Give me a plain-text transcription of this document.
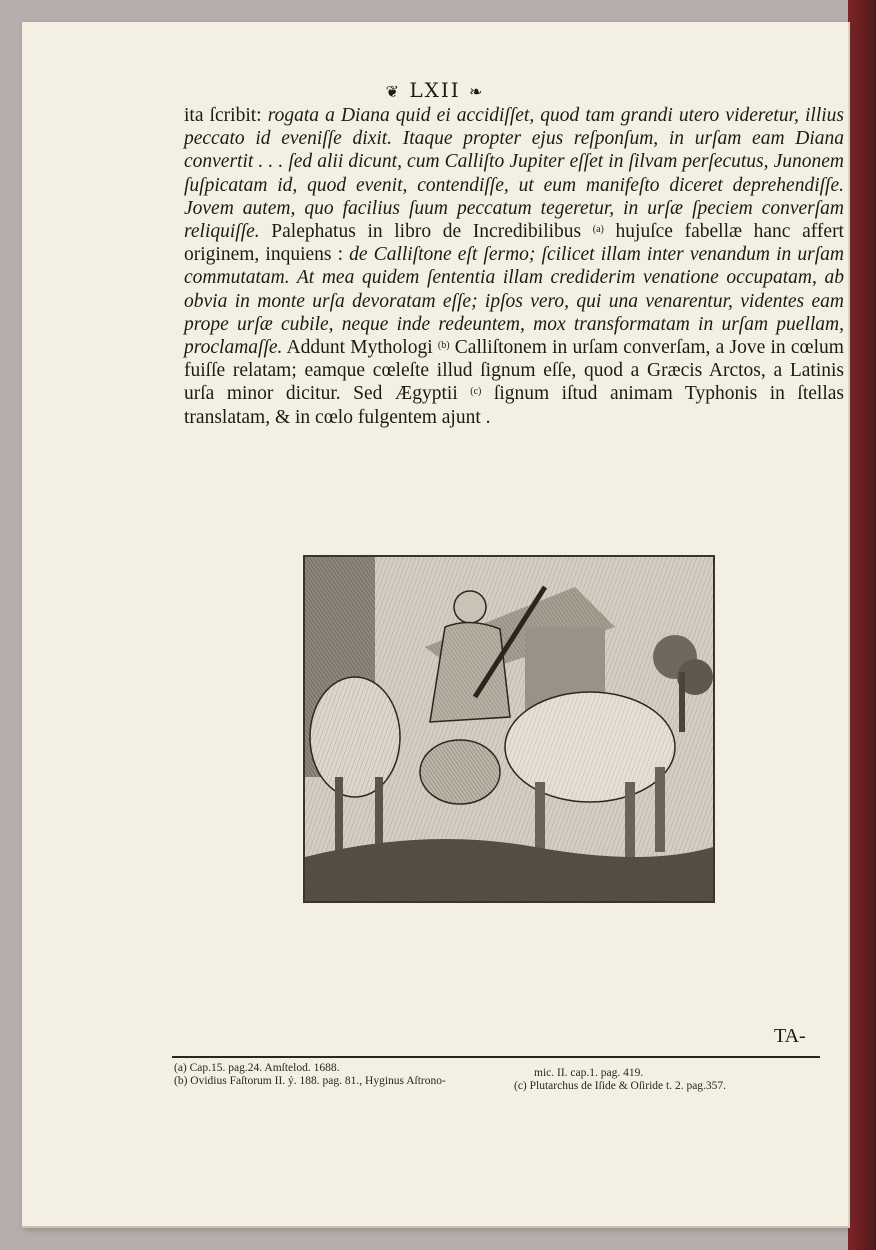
❦ LXII ❧

ita ſcribit: rogata a Diana quid ei accidiſſet, quod tam grandi utero videretur, illius peccato id eveniſſe dixit. Itaque propter ejus reſponſum, in urſam eam Diana convertit . . . ſed alii dicunt, cum Calliſto Jupiter eſſet in ſilvam perſecutus, Junonem ſuſpicatam id, quod evenit, contendiſſe, ut eum manifeſto diceret deprehendiſſe. Jovem autem, quo facilius ſuum peccatum tegeretur, in urſæ ſpeciem converſam reliquiſſe. Palephatus in libro de Incredibilibus $^{(a)}$ hujuſce fabellæ hanc affert originem, inquiens : de Calliſtone eſt ſermo; ſcilicet illam inter venandum in urſam commutatam. At mea quidem ſententia illam crediderim venatione occupatam, ab obvia in monte urſa devoratam eſſe; ipſos vero, qui una venarentur, videntes eam prope urſæ cubile, neque inde redeuntem, mox transformatam in urſam puellam, proclamaſſe. Addunt Mythologi $^{(b)}$ Calliſtonem in urſam converſam, a Jove in cœlum fuiſſe relatam; eamque cœleſte illud ſignum eſſe, quod a Græcis Arctos, a Latinis urſa minor dicitur. Sed Ægyptii $^{(c)}$ ſignum iſtud animam Typhonis in ſtellas translatam, & in cœlo fulgentem ajunt .

TA-
(a) Cap.15. pag.24. Amſtelod. 1688.
(b) Ovidius Faſtorum II. ỷ. 188. pag. 81., Hyginus Aſtrono-
mic. II. cap.1. pag. 419.
(c) Plutarchus de Iſide & Oſiride t. 2. pag.357.
